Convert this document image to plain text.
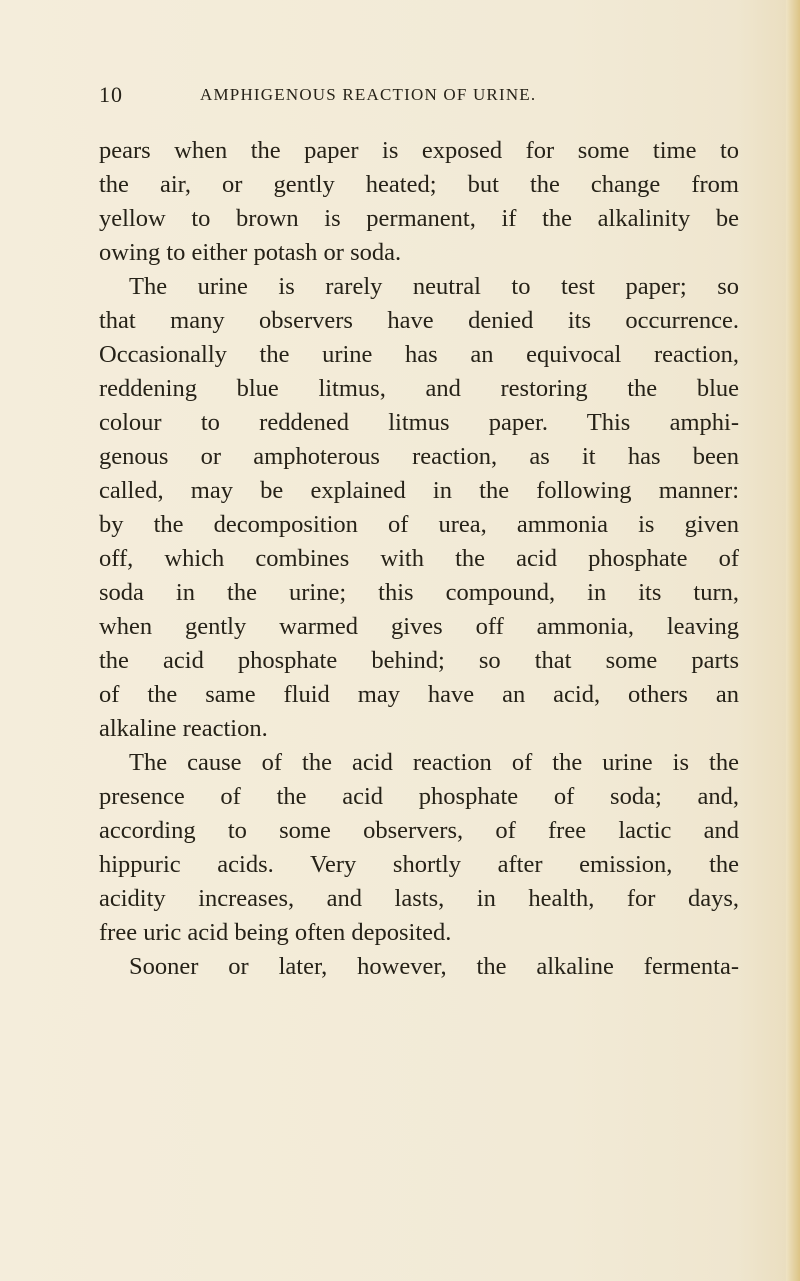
10	AMPHIGENOUS REACTION OF URINE.
pears when the paper is exposed for some time to
the air, or gently heated; but the change from
yellow to brown is permanent, if the alkalinity be
owing to either potash or soda.
The urine is rarely neutral to test paper; so
that many observers have denied its occurrence.
Occasionally the urine has an equivocal reaction,
reddening blue litmus, and restoring the blue
colour to reddened litmus paper. This amphi-
genous or amphoterous reaction, as it has been
called, may be explained in the following manner:
by the decomposition of urea, ammonia is given
off, which combines with the acid phosphate of
soda in the urine; this compound, in its turn,
when gently warmed gives off ammonia, leaving
the acid phosphate behind; so that some parts
of the same fluid may have an acid, others an
alkaline reaction.
The cause of the acid reaction of the urine is the
presence of the acid phosphate of soda; and,
according to some observers, of free lactic and
hippuric acids. Very shortly after emission, the
acidity increases, and lasts, in health, for days,
free uric acid being often deposited.
Sooner or later, however, the alkaline fermenta-
